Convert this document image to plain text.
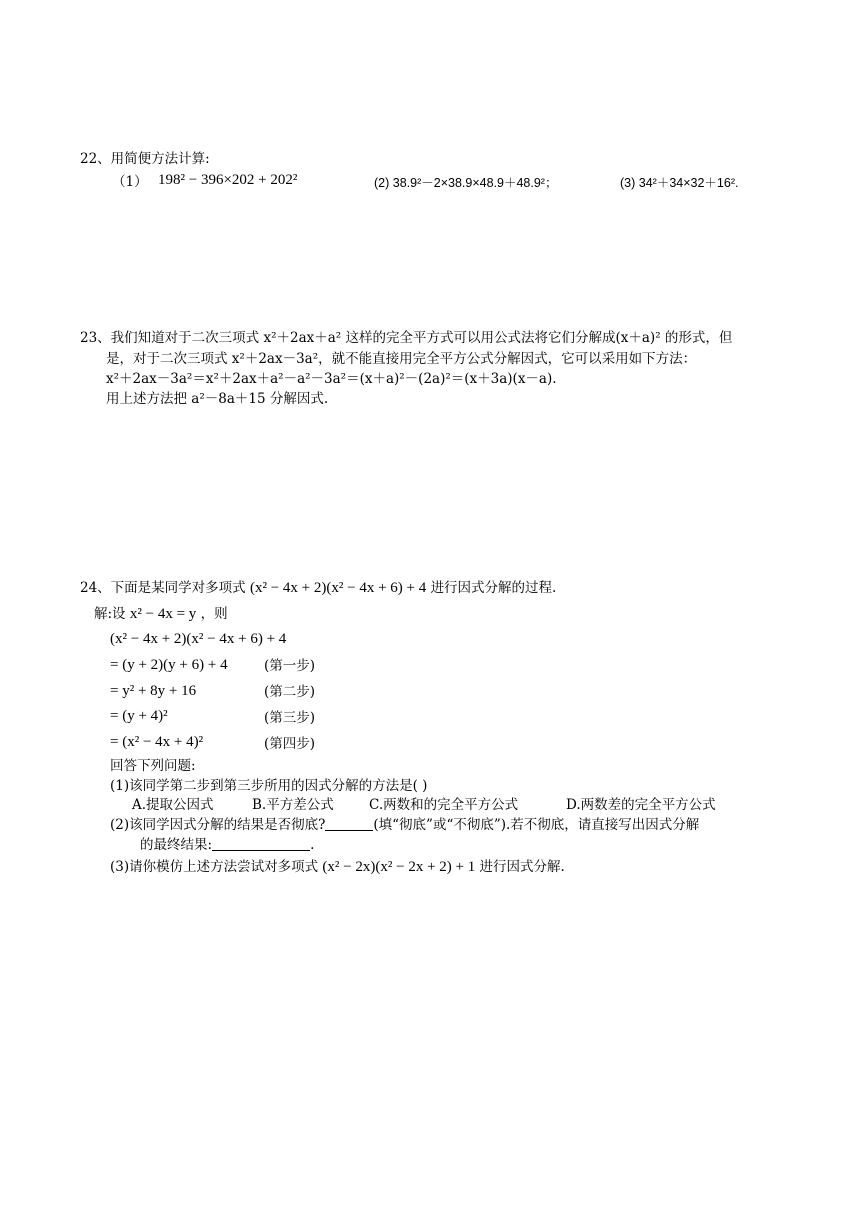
22、用简便方法计算:
（1） 198² − 396×202 + 202²	(2) 38.9²－2×38.9×48.9＋48.9²；	(3) 34²＋34×32＋16².
23、我们知道对于二次三项式 x²＋2ax＋a² 这样的完全平方式可以用公式法将它们分解成(x＋a)² 的形式，但
是，对于二次三项式 x²＋2ax－3a²，就不能直接用完全平方公式分解因式，它可以采用如下方法：
x²＋2ax－3a²＝x²＋2ax＋a²－a²－3a²＝(x＋a)²－(2a)²＝(x＋3a)(x－a).
用上述方法把 a²－8a＋15 分解因式.
24、下面是某同学对多项式 (x² − 4x + 2)(x² − 4x + 6) + 4 进行因式分解的过程.
解:设 x² − 4x = y ，则
(x² − 4x + 2)(x² − 4x + 6) + 4
= (y + 2)(y + 6) + 4	(第一步)
= y² + 8y + 16	(第二步)
= (y + 4)²	(第三步)
= (x² − 4x + 4)²	(第四步)
回答下列问题:
(1)该同学第二步到第三步所用的因式分解的方法是( )
A.提取公因式	B.平方差公式	C.两数和的完全平方公式	D.两数差的完全平方公式
(2)该同学因式分解的结果是否彻底?	(填“彻底”或“不彻底”).若不彻底，请直接写出因式分解
的最终结果:	.
(3)请你模仿上述方法尝试对多项式 (x² − 2x)(x² − 2x + 2) + 1 进行因式分解.
